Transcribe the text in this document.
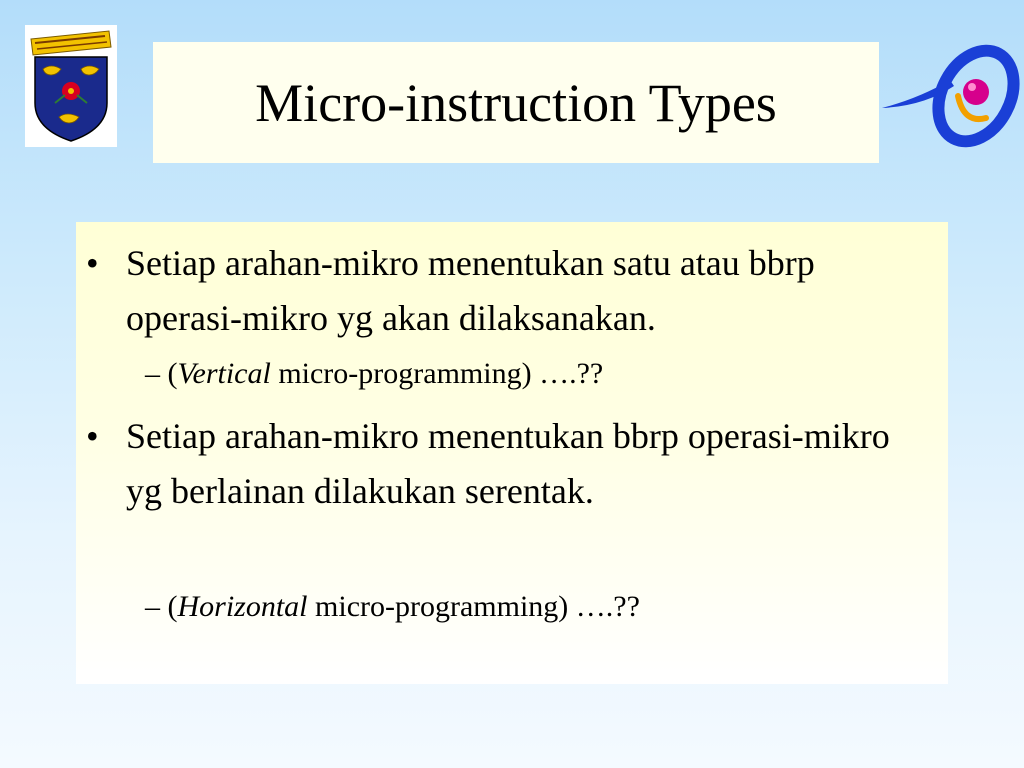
Micro-instruction Types
• Setiap arahan-mikro menentukan satu atau bbrp operasi-mikro yg akan dilaksanakan.
– (Vertical micro-programming) ….??
• Setiap arahan-mikro menentukan bbrp operasi-mikro yg berlainan dilakukan serentak.
– (Horizontal micro-programming) ….??
